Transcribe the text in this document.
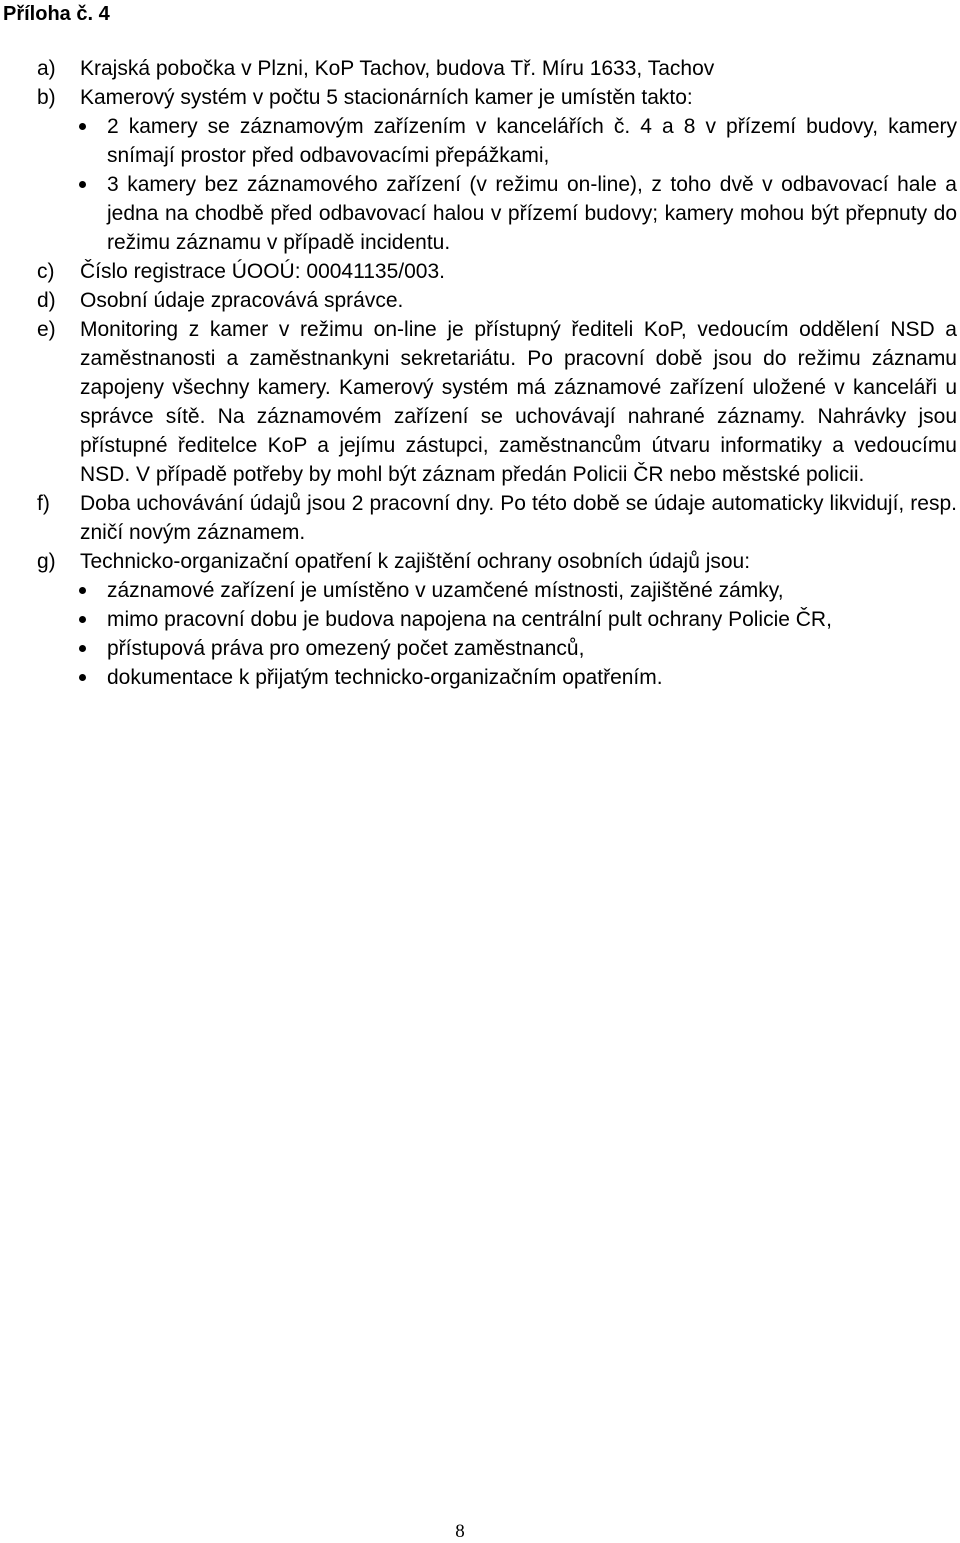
Příloha č. 4
a)	Krajská pobočka v Plzni, KoP Tachov, budova Tř. Míru 1633, Tachov
b)	Kamerový systém v počtu 5 stacionárních kamer je umístěn takto:
2 kamery se záznamovým zařízením v kancelářích č. 4 a 8 v přízemí budovy, kamery snímají prostor před odbavovacími přepážkami,
3 kamery bez záznamového zařízení (v režimu on-line), z toho dvě v odbavovací hale a jedna na chodbě před odbavovací halou v přízemí budovy; kamery mohou být přepnuty do režimu záznamu v případě incidentu.
c)	Číslo registrace ÚOOÚ: 00041135/003.
d)	Osobní údaje zpracovává správce.
e)	Monitoring z kamer v režimu on-line je přístupný řediteli KoP, vedoucím oddělení NSD a zaměstnanosti a zaměstnankyni sekretariátu. Po pracovní době jsou do režimu záznamu zapojeny všechny kamery. Kamerový systém má záznamové zařízení uložené v kanceláři u správce sítě. Na záznamovém zařízení se uchovávají nahrané záznamy. Nahrávky jsou přístupné ředitelce KoP a jejímu zástupci, zaměstnancům útvaru informatiky a vedoucímu NSD. V případě potřeby by mohl být záznam předán Policii ČR nebo městské policii.
f)	Doba uchovávání údajů jsou 2 pracovní dny. Po této době se údaje automaticky likvidují, resp. zničí novým záznamem.
g)	Technicko-organizační opatření k zajištění ochrany osobních údajů jsou:
záznamové zařízení je umístěno v uzamčené místnosti, zajištěné zámky,
mimo pracovní dobu je budova napojena na centrální pult ochrany Policie ČR,
přístupová práva pro omezený počet zaměstnanců,
dokumentace k přijatým technicko-organizačním opatřením.
8
